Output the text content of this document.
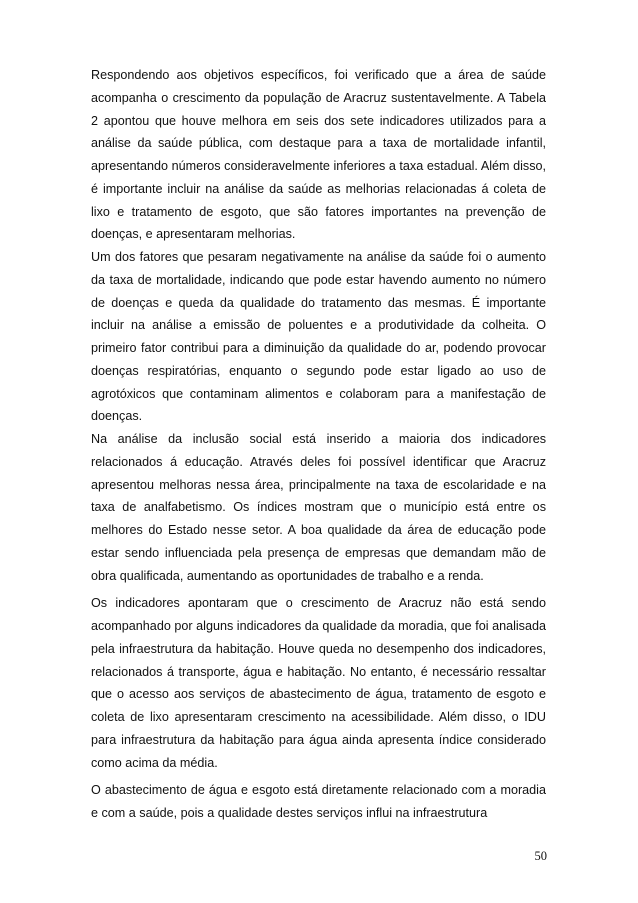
Respondendo aos objetivos específicos, foi verificado que a área de saúde acompanha o crescimento da população de Aracruz sustentavelmente. A Tabela 2 apontou que houve melhora em seis dos sete indicadores utilizados para a análise da saúde pública, com destaque para a taxa de mortalidade infantil, apresentando números consideravelmente inferiores a taxa estadual. Além disso, é importante incluir na análise da saúde as melhorias relacionadas á coleta de lixo e tratamento de esgoto, que são fatores importantes na prevenção de doenças, e apresentaram melhorias.

Um dos fatores que pesaram negativamente na análise da saúde foi o aumento da taxa de mortalidade, indicando que pode estar havendo aumento no número de doenças e queda da qualidade do tratamento das mesmas. É importante incluir na análise a emissão de poluentes e a produtividade da colheita. O primeiro fator contribui para a diminuição da qualidade do ar, podendo provocar doenças respiratórias, enquanto o segundo pode estar ligado ao uso de agrotóxicos que contaminam alimentos e colaboram para a manifestação de doenças.

Na análise da inclusão social está inserido a maioria dos indicadores relacionados á educação. Através deles foi possível identificar que Aracruz apresentou melhoras nessa área, principalmente na taxa de escolaridade e na taxa de analfabetismo. Os índices mostram que o município está entre os melhores do Estado nesse setor. A boa qualidade da área de educação pode estar sendo influenciada pela presença de empresas que demandam mão de obra qualificada, aumentando as oportunidades de trabalho e a renda.

Os indicadores apontaram que o crescimento de Aracruz não está sendo acompanhado por alguns indicadores da qualidade da moradia, que foi analisada pela infraestrutura da habitação. Houve queda no desempenho dos indicadores, relacionados á transporte, água e habitação. No entanto, é necessário ressaltar que o acesso aos serviços de abastecimento de água, tratamento de esgoto e coleta de lixo apresentaram crescimento na acessibilidade. Além disso, o IDU para infraestrutura da habitação para água ainda apresenta índice considerado como acima da média.

O abastecimento de água e esgoto está diretamente relacionado com a moradia e com a saúde, pois a qualidade destes serviços influi na infraestrutura

50
